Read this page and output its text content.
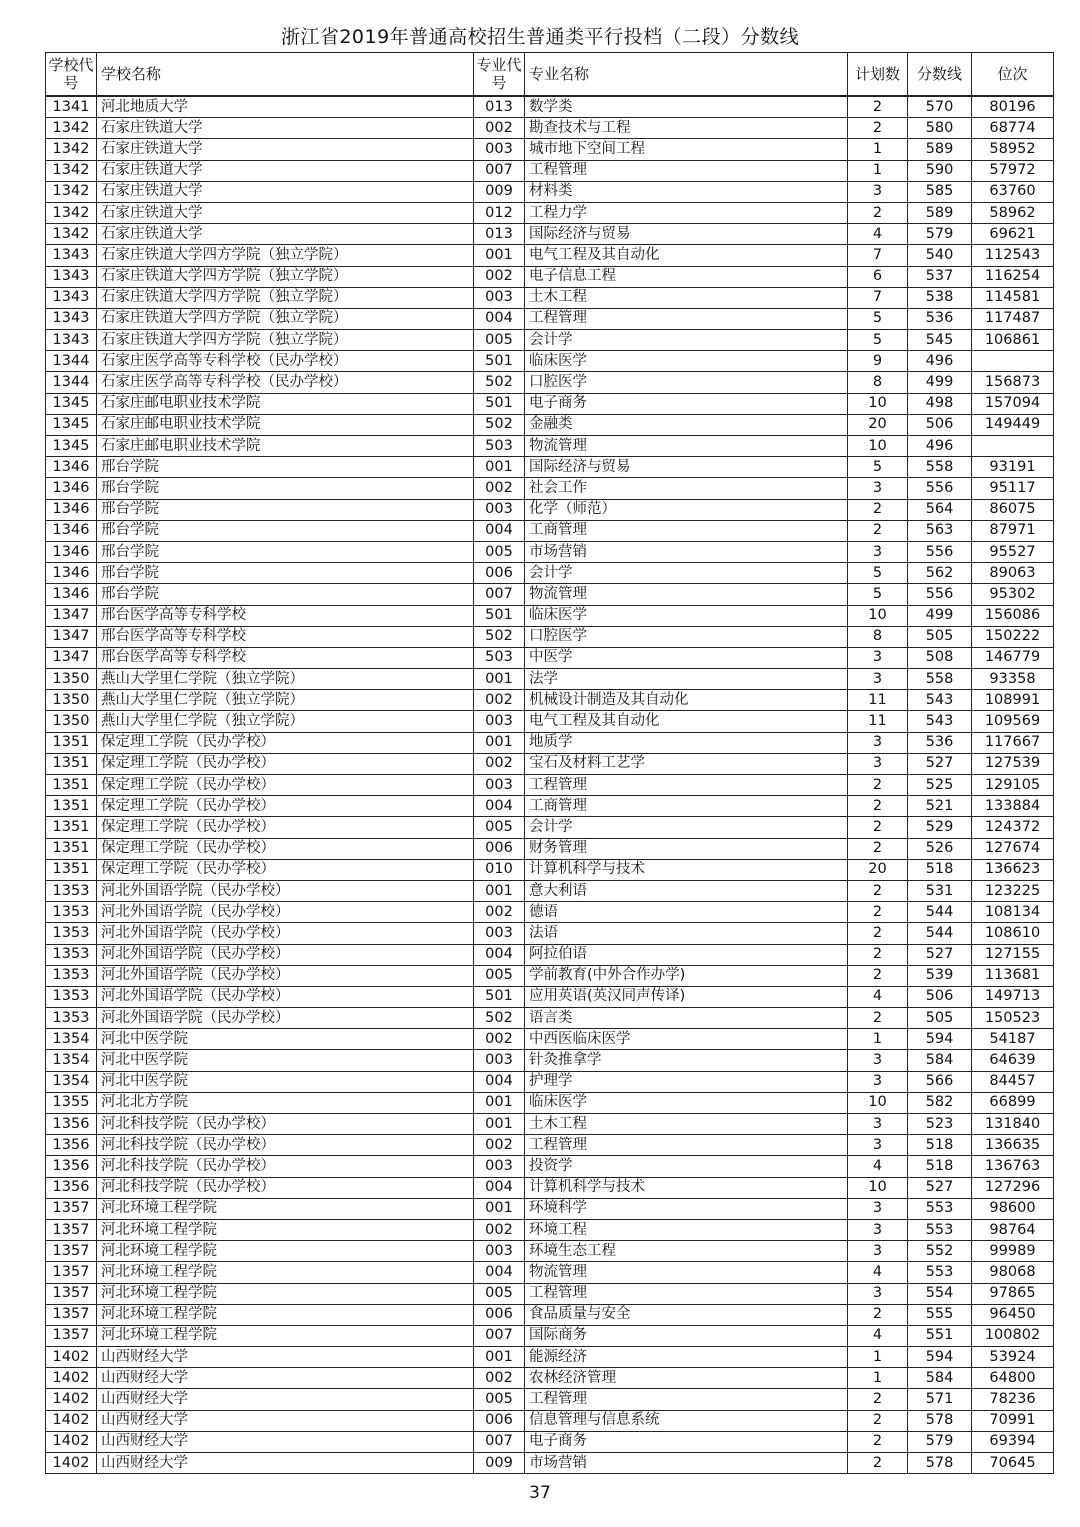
浙江省2019年普通高校招生普通类平行投档（二段）分数线
学校代号	学校名称	专业代号	专业名称	计划数	分数线	位次
1341	河北地质大学	013	数学类	2	570	80196
1342	石家庄铁道大学	002	勘查技术与工程	2	580	68774
1342	石家庄铁道大学	003	城市地下空间工程	1	589	58952
1342	石家庄铁道大学	007	工程管理	1	590	57972
1342	石家庄铁道大学	009	材料类	3	585	63760
1342	石家庄铁道大学	012	工程力学	2	589	58962
1342	石家庄铁道大学	013	国际经济与贸易	4	579	69621
1343	石家庄铁道大学四方学院（独立学院）	001	电气工程及其自动化	7	540	112543
1343	石家庄铁道大学四方学院（独立学院）	002	电子信息工程	6	537	116254
1343	石家庄铁道大学四方学院（独立学院）	003	土木工程	7	538	114581
1343	石家庄铁道大学四方学院（独立学院）	004	工程管理	5	536	117487
1343	石家庄铁道大学四方学院（独立学院）	005	会计学	5	545	106861
1344	石家庄医学高等专科学校（民办学校）	501	临床医学	9	496	
1344	石家庄医学高等专科学校（民办学校）	502	口腔医学	8	499	156873
1345	石家庄邮电职业技术学院	501	电子商务	10	498	157094
1345	石家庄邮电职业技术学院	502	金融类	20	506	149449
1345	石家庄邮电职业技术学院	503	物流管理	10	496	
1346	邢台学院	001	国际经济与贸易	5	558	93191
1346	邢台学院	002	社会工作	3	556	95117
1346	邢台学院	003	化学（师范）	2	564	86075
1346	邢台学院	004	工商管理	2	563	87971
1346	邢台学院	005	市场营销	3	556	95527
1346	邢台学院	006	会计学	5	562	89063
1346	邢台学院	007	物流管理	5	556	95302
1347	邢台医学高等专科学校	501	临床医学	10	499	156086
1347	邢台医学高等专科学校	502	口腔医学	8	505	150222
1347	邢台医学高等专科学校	503	中医学	3	508	146779
1350	燕山大学里仁学院（独立学院）	001	法学	3	558	93358
1350	燕山大学里仁学院（独立学院）	002	机械设计制造及其自动化	11	543	108991
1350	燕山大学里仁学院（独立学院）	003	电气工程及其自动化	11	543	109569
1351	保定理工学院（民办学校）	001	地质学	3	536	117667
1351	保定理工学院（民办学校）	002	宝石及材料工艺学	3	527	127539
1351	保定理工学院（民办学校）	003	工程管理	2	525	129105
1351	保定理工学院（民办学校）	004	工商管理	2	521	133884
1351	保定理工学院（民办学校）	005	会计学	2	529	124372
1351	保定理工学院（民办学校）	006	财务管理	2	526	127674
1351	保定理工学院（民办学校）	010	计算机科学与技术	20	518	136623
1353	河北外国语学院（民办学校）	001	意大利语	2	531	123225
1353	河北外国语学院（民办学校）	002	德语	2	544	108134
1353	河北外国语学院（民办学校）	003	法语	2	544	108610
1353	河北外国语学院（民办学校）	004	阿拉伯语	2	527	127155
1353	河北外国语学院（民办学校）	005	学前教育(中外合作办学)	2	539	113681
1353	河北外国语学院（民办学校）	501	应用英语(英汉同声传译)	4	506	149713
1353	河北外国语学院（民办学校）	502	语言类	2	505	150523
1354	河北中医学院	002	中西医临床医学	1	594	54187
1354	河北中医学院	003	针灸推拿学	3	584	64639
1354	河北中医学院	004	护理学	3	566	84457
1355	河北北方学院	001	临床医学	10	582	66899
1356	河北科技学院（民办学校）	001	土木工程	3	523	131840
1356	河北科技学院（民办学校）	002	工程管理	3	518	136635
1356	河北科技学院（民办学校）	003	投资学	4	518	136763
1356	河北科技学院（民办学校）	004	计算机科学与技术	10	527	127296
1357	河北环境工程学院	001	环境科学	3	553	98600
1357	河北环境工程学院	002	环境工程	3	553	98764
1357	河北环境工程学院	003	环境生态工程	3	552	99989
1357	河北环境工程学院	004	物流管理	4	553	98068
1357	河北环境工程学院	005	工程管理	3	554	97865
1357	河北环境工程学院	006	食品质量与安全	2	555	96450
1357	河北环境工程学院	007	国际商务	4	551	100802
1402	山西财经大学	001	能源经济	1	594	53924
1402	山西财经大学	002	农林经济管理	1	584	64800
1402	山西财经大学	005	工程管理	2	571	78236
1402	山西财经大学	006	信息管理与信息系统	2	578	70991
1402	山西财经大学	007	电子商务	2	579	69394
1402	山西财经大学	009	市场营销	2	578	70645
37
